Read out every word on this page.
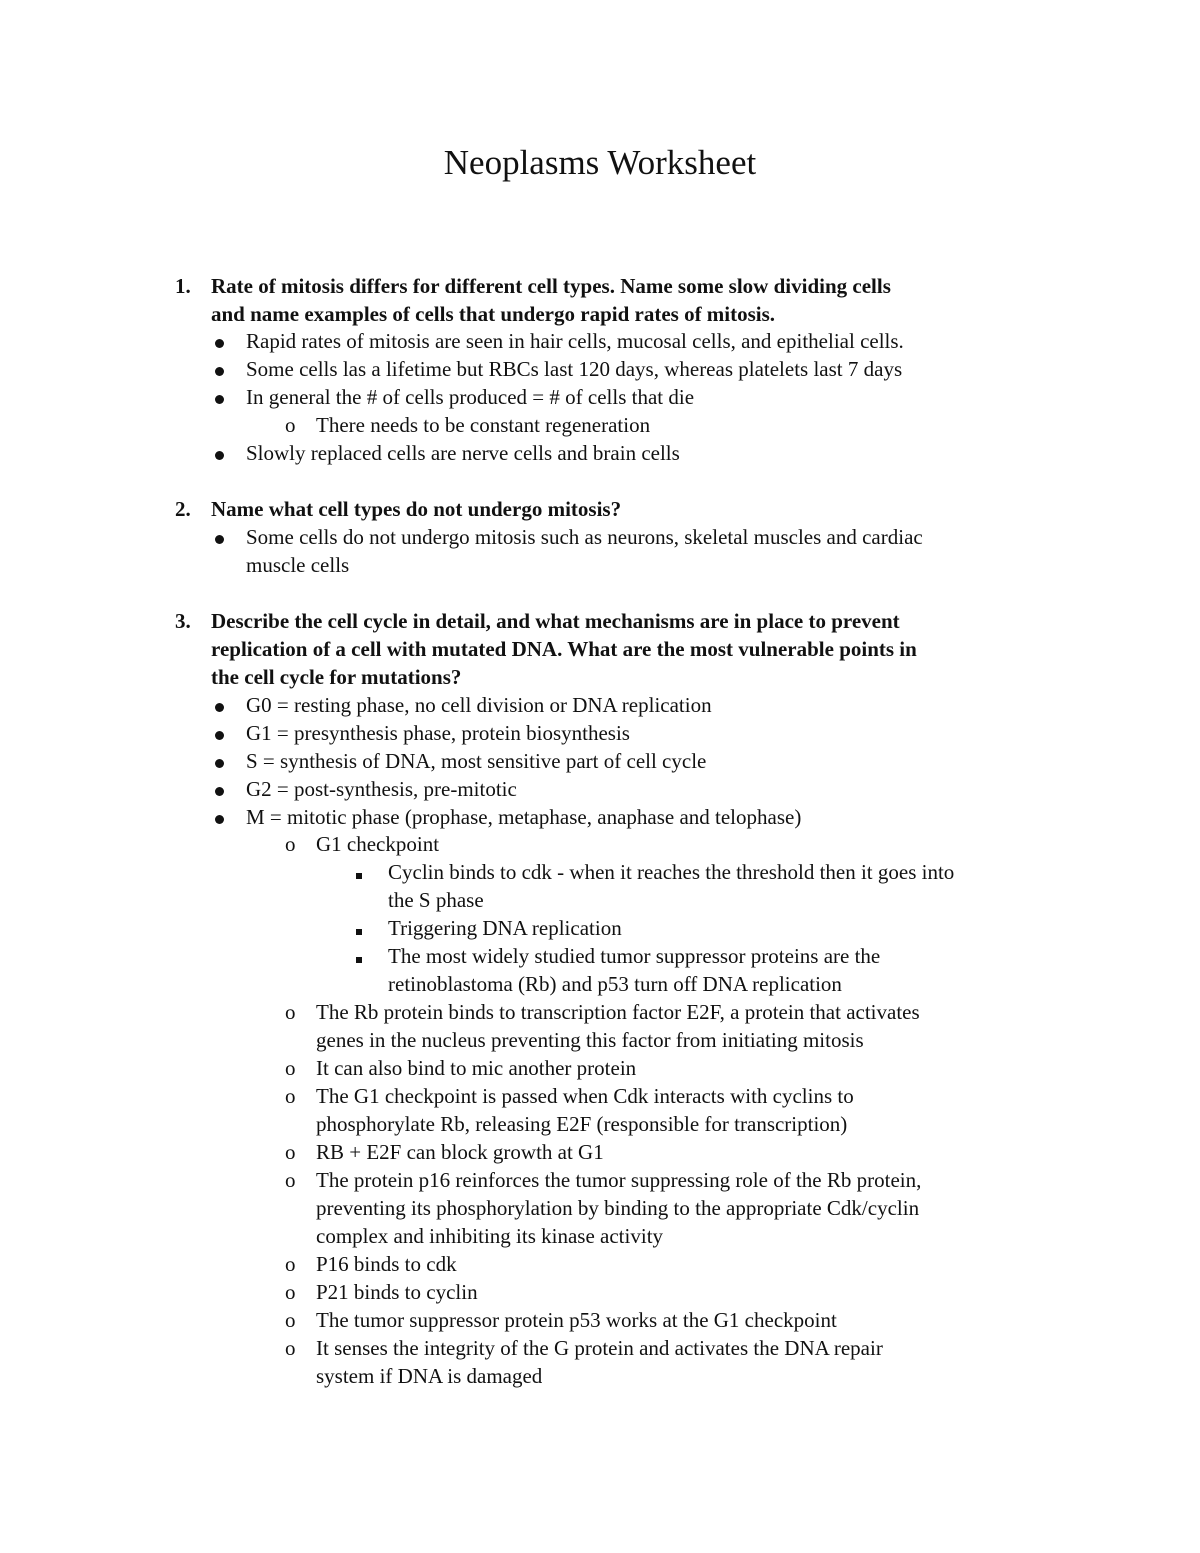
Neoplasms Worksheet
1. Rate of mitosis differs for different cell types. Name some slow dividing cells
and name examples of cells that undergo rapid rates of mitosis.
Rapid rates of mitosis are seen in hair cells, mucosal cells, and epithelial cells.
Some cells las a lifetime but RBCs last 120 days, whereas platelets last 7 days
In general the # of cells produced = # of cells that die
o There needs to be constant regeneration
Slowly replaced cells are nerve cells and brain cells
2. Name what cell types do not undergo mitosis?
Some cells do not undergo mitosis such as neurons, skeletal muscles and cardiac
muscle cells
3. Describe the cell cycle in detail, and what mechanisms are in place to prevent
replication of a cell with mutated DNA. What are the most vulnerable points in
the cell cycle for mutations?
G0 = resting phase, no cell division or DNA replication
G1 = presynthesis phase, protein biosynthesis
S = synthesis of DNA, most sensitive part of cell cycle
G2 = post-synthesis, pre-mitotic
M = mitotic phase (prophase, metaphase, anaphase and telophase)
o G1 checkpoint
Cyclin binds to cdk - when it reaches the threshold then it goes into
the S phase
Triggering DNA replication
The most widely studied tumor suppressor proteins are the
retinoblastoma (Rb) and p53 turn off DNA replication
o The Rb protein binds to transcription factor E2F, a protein that activates
genes in the nucleus preventing this factor from initiating mitosis
o It can also bind to mic another protein
o The G1 checkpoint is passed when Cdk interacts with cyclins to
phosphorylate Rb, releasing E2F (responsible for transcription)
o RB + E2F can block growth at G1
o The protein p16 reinforces the tumor suppressing role of the Rb protein,
preventing its phosphorylation by binding to the appropriate Cdk/cyclin
complex and inhibiting its kinase activity
o P16 binds to cdk
o P21 binds to cyclin
o The tumor suppressor protein p53 works at the G1 checkpoint
o It senses the integrity of the G protein and activates the DNA repair
system if DNA is damaged
